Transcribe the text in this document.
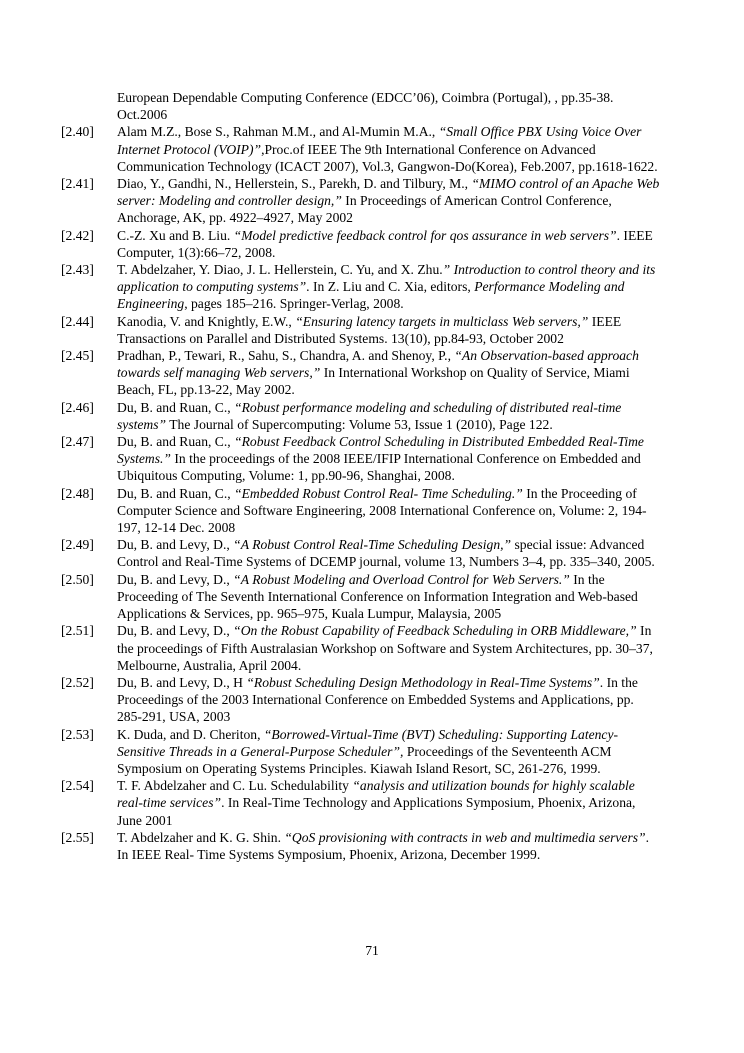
European Dependable Computing Conference (EDCC’06), Coimbra (Portugal), , pp.35-38. Oct.2006
[2.40] Alam M.Z., Bose S., Rahman M.M., and Al-Mumin M.A., “Small Office PBX Using Voice Over Internet Protocol (VOIP)”,Proc.of IEEE The 9th International Conference on Advanced Communication Technology (ICACT 2007), Vol.3, Gangwon-Do(Korea), Feb.2007, pp.1618-1622.
[2.41] Diao, Y., Gandhi, N., Hellerstein, S., Parekh, D. and Tilbury, M., “MIMO control of an Apache Web server: Modeling and controller design,” In Proceedings of American Control Conference, Anchorage, AK, pp. 4922–4927, May 2002
[2.42] C.-Z. Xu and B. Liu. “Model predictive feedback control for qos assurance in web servers”. IEEE Computer, 1(3):66–72, 2008.
[2.43] T. Abdelzaher, Y. Diao, J. L. Hellerstein, C. Yu, and X. Zhu.” Introduction to control theory and its application to computing systems”. In Z. Liu and C. Xia, editors, Performance Modeling and Engineering, pages 185–216. Springer-Verlag, 2008.
[2.44] Kanodia, V. and Knightly, E.W., “Ensuring latency targets in multiclass Web servers,” IEEE Transactions on Parallel and Distributed Systems. 13(10), pp.84-93, October 2002
[2.45] Pradhan, P., Tewari, R., Sahu, S., Chandra, A. and Shenoy, P., “An Observation-based approach towards self managing Web servers,” In International Workshop on Quality of Service, Miami Beach, FL, pp.13-22, May 2002.
[2.46] Du, B. and Ruan, C., “Robust performance modeling and scheduling of distributed real-time systems” The Journal of Supercomputing: Volume 53, Issue 1 (2010), Page 122.
[2.47] Du, B. and Ruan, C., “Robust Feedback Control Scheduling in Distributed Embedded Real-Time Systems.” In the proceedings of the 2008 IEEE/IFIP International Conference on Embedded and Ubiquitous Computing, Volume: 1, pp.90-96, Shanghai, 2008.
[2.48] Du, B. and Ruan, C., “Embedded Robust Control Real- Time Scheduling.” In the Proceeding of Computer Science and Software Engineering, 2008 International Conference on, Volume: 2, 194-197, 12-14 Dec. 2008
[2.49] Du, B. and Levy, D., “A Robust Control Real-Time Scheduling Design,” special issue: Advanced Control and Real-Time Systems of DCEMP journal, volume 13, Numbers 3–4, pp. 335–340, 2005.
[2.50] Du, B. and Levy, D., “A Robust Modeling and Overload Control for Web Servers.” In the Proceeding of The Seventh International Conference on Information Integration and Web-based Applications & Services, pp. 965–975, Kuala Lumpur, Malaysia, 2005
[2.51] Du, B. and Levy, D., “On the Robust Capability of Feedback Scheduling in ORB Middleware,” In the proceedings of Fifth Australasian Workshop on Software and System Architectures, pp. 30–37, Melbourne, Australia, April 2004.
[2.52] Du, B. and Levy, D., H “Robust Scheduling Design Methodology in Real-Time Systems”. In the Proceedings of the 2003 International Conference on Embedded Systems and Applications, pp. 285-291, USA, 2003
[2.53] K. Duda, and D. Cheriton, “Borrowed-Virtual-Time (BVT) Scheduling: Supporting Latency-Sensitive Threads in a General-Purpose Scheduler”, Proceedings of the Seventeenth ACM Symposium on Operating Systems Principles. Kiawah Island Resort, SC, 261-276, 1999.
[2.54] T. F. Abdelzaher and C. Lu. Schedulability “analysis and utilization bounds for highly scalable real-time services”. In Real-Time Technology and Applications Symposium, Phoenix, Arizona, June 2001
[2.55] T. Abdelzaher and K. G. Shin. “QoS provisioning with contracts in web and multimedia servers”. In IEEE Real- Time Systems Symposium, Phoenix, Arizona, December 1999.
71
